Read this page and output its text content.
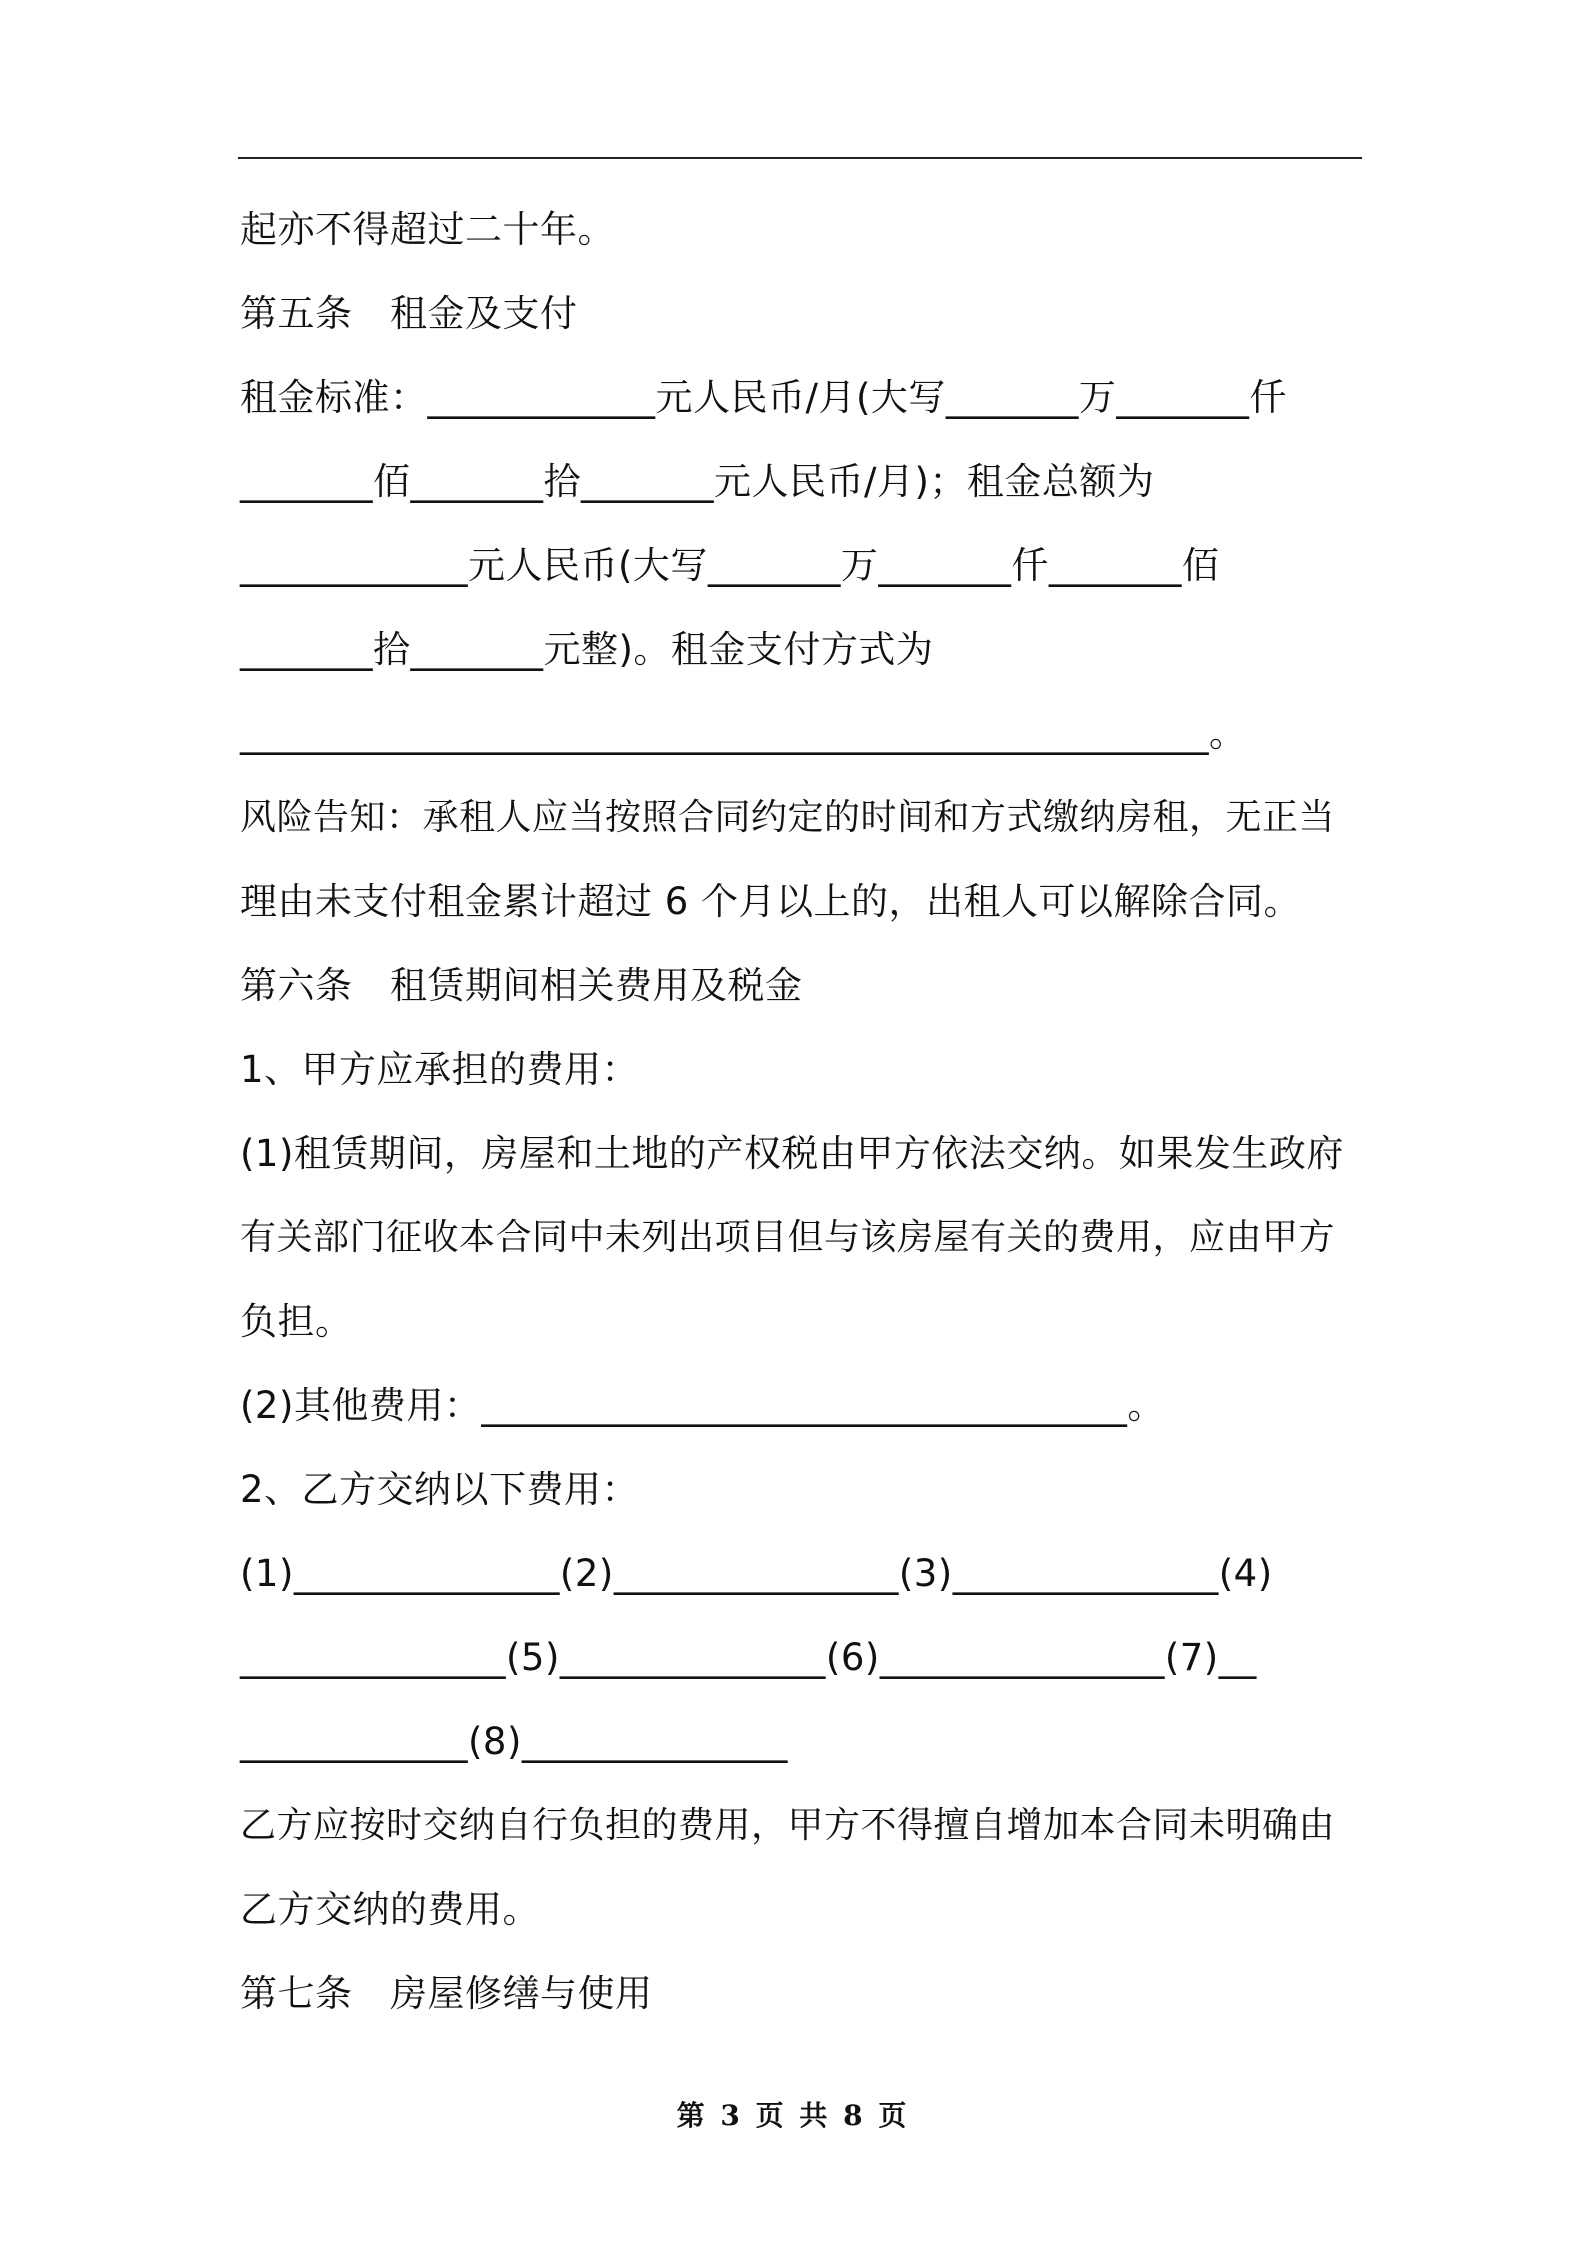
起亦不得超过二十年。
第五条　租金及支付
租金标准：____________元人民币/月(大写_______万_______仟
_______佰_______拾_______元人民币/月)；租金总额为
____________元人民币(大写_______万_______仟_______佰
_______拾_______元整)。租金支付方式为
___________________________________________________。
风险告知：承租人应当按照合同约定的时间和方式缴纳房租，无正当
理由未支付租金累计超过 6 个月以上的，出租人可以解除合同。
第六条　租赁期间相关费用及税金
1、甲方应承担的费用：
(1)租赁期间，房屋和土地的产权税由甲方依法交纳。如果发生政府
有关部门征收本合同中未列出项目但与该房屋有关的费用，应由甲方
负担。
(2)其他费用：__________________________________。
2、乙方交纳以下费用：
(1)______________(2)_______________(3)______________(4)
______________(5)______________(6)_______________(7)__
____________(8)______________
乙方应按时交纳自行负担的费用，甲方不得擅自增加本合同未明确由
乙方交纳的费用。
第七条　房屋修缮与使用
第 3 页 共 8 页
